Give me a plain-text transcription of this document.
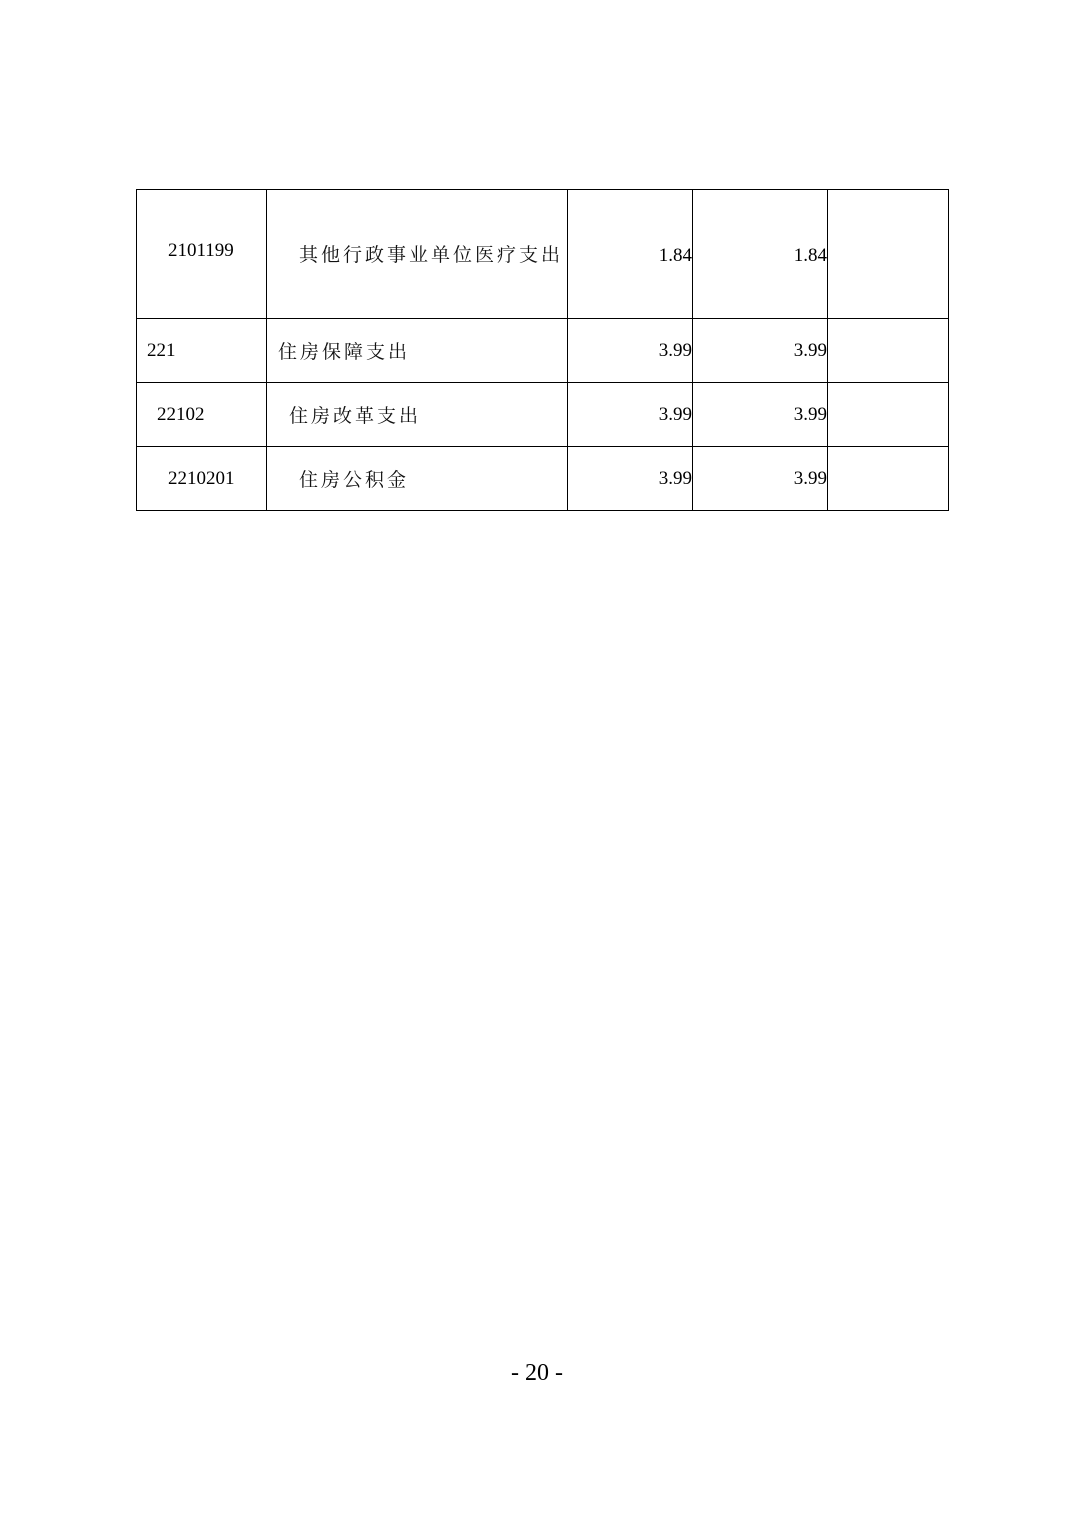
2101199	其他行政事业单位医疗支出	1.84	1.84	
221	住房保障支出	3.99	3.99	
22102	住房改革支出	3.99	3.99	
2210201	住房公积金	3.99	3.99	
- 20 -
